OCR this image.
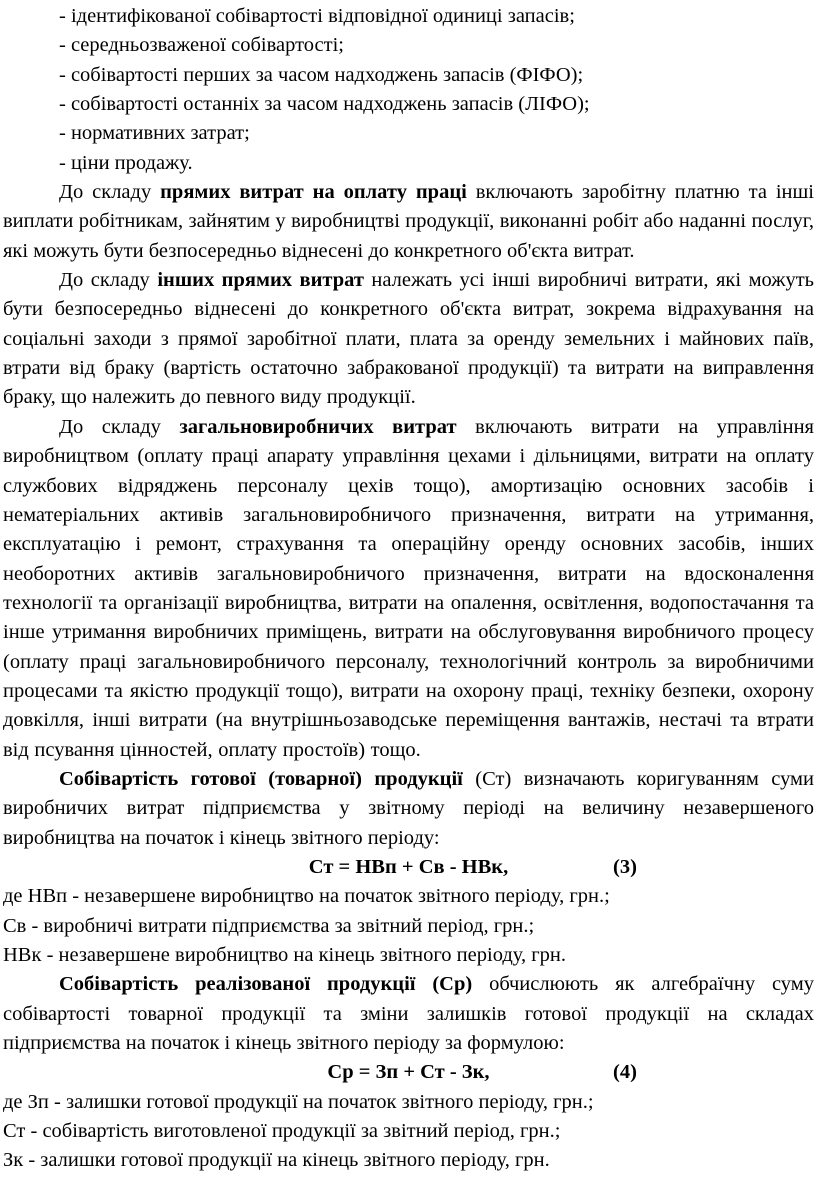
- ідентифікованої собівартості відповідної одиниці запасів;
- середньозваженої собівартості;
- собівартості перших за часом надходжень запасів (ФІФО);
- собівартості останніх за часом надходжень запасів (ЛІФО);
- нормативних затрат;
- ціни продажу.
До складу прямих витрат на оплату праці включають заробітну платню та інші виплати робітникам, зайнятим у виробництві продукції, виконанні робіт або наданні послуг, які можуть бути безпосередньо віднесені до конкретного об'єкта витрат.
До складу інших прямих витрат належать усі інші виробничі витрати, які можуть бути безпосередньо віднесені до конкретного об'єкта витрат, зокрема відрахування на соціальні заходи з прямої заробітної плати, плата за оренду земельних і майнових паїв, втрати від браку (вартість остаточно забракованої продукції) та витрати на виправлення браку, що належить до певного виду продукції.
До складу загальновиробничих витрат включають витрати на управління виробництвом (оплату праці апарату управління цехами і дільницями, витрати на оплату службових відряджень персоналу цехів тощо), амортизацію основних засобів і нематеріальних активів загальновиробничого призначення, витрати на утримання, експлуатацію і ремонт, страхування та операційну оренду основних засобів, інших необоротних активів загальновиробничого призначення, витрати на вдосконалення технології та організації виробництва, витрати на опалення, освітлення, водопостачання та інше утримання виробничих приміщень, витрати на обслуговування виробничого процесу (оплату праці загальновиробничого персоналу, технологічний контроль за виробничими процесами та якістю продукції тощо), витрати на охорону праці, техніку безпеки, охорону довкілля, інші витрати (на внутрішньозаводське переміщення вантажів, нестачі та втрати від псування цінностей, оплату простоїв) тощо.
Собівартість готової (товарної) продукції (Ст) визначають коригуванням суми виробничих витрат підприємства у звітному періоді на величину незавершеного виробництва на початок і кінець звітного періоду:
Ст = НВп + Св - НВк,	(3)
де НВп - незавершене виробництво на початок звітного періоду, грн.;
Св - виробничі витрати підприємства за звітний період, грн.;
НВк - незавершене виробництво на кінець звітного періоду, грн.
Собівартість реалізованої продукції (Ср) обчислюють як алгебраїчну суму собівартості товарної продукції та зміни залишків готової продукції на складах підприємства на початок і кінець звітного періоду за формулою:
Ср = Зп + Ст - Зк,	(4)
де Зп - залишки готової продукції на початок звітного періоду, грн.;
Ст - собівартість виготовленої продукції за звітний період, грн.;
Зк - залишки готової продукції на кінець звітного періоду, грн.
